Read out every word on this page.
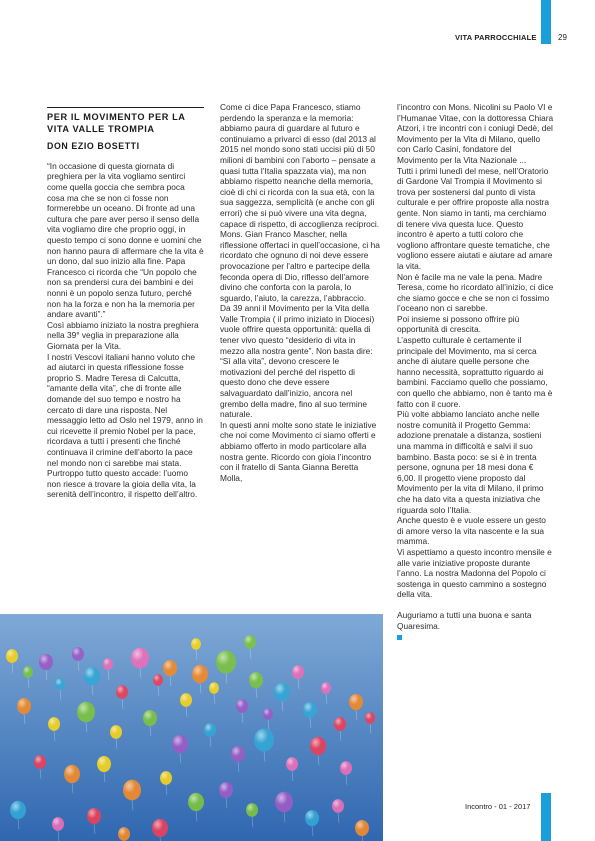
VITA PARROCCHIALE	29
PER IL MOVIMENTO PER LA VITA VALLE TROMPIA
DON EZIO BOSETTI

“In occasione di questa giornata di preghiera per la vita vogliamo sentirci come quella goccia che sembra poca cosa ma che se non ci fosse non formerebbe un oceano. Di fronte ad una cultura che pare aver perso il senso della vita vogliamo dire che proprio oggi, in questo tempo ci sono donne e uomini che non hanno paura di affermare che la vita è un dono, dal suo inizio alla fine. Papa Francesco ci ricorda che “Un popolo che non sa prendersi cura dei bambini e dei nonni è un popolo senza futuro, perché non ha la forza e non ha la memoria per andare avanti”.”

Così abbiamo iniziato la nostra preghiera nella 39° veglia in preparazione alla Giornata per la Vita.

I nostri Vescovi italiani hanno voluto che ad aiutarci in questa riflessione fosse proprio S. Madre Teresa di Calcutta, “amante della vita”, che di fronte alle domande del suo tempo e nostro ha cercato di dare una risposta. Nel messaggio letto ad Oslo nel 1979, anno in cui ricevette il premio Nobel per la pace, ricordava a tutti i presenti che finché continuava il crimine dell’aborto la pace nel mondo non ci sarebbe mai stata. Purtroppo tutto questo accade: l’uomo non riesce a trovare la gioia della vita, la serenità dell’incontro, il rispetto dell’altro.

Come ci dice Papa Francesco, stiamo perdendo la speranza e la memoria: abbiamo paura di guardare al futuro e continuiamo a privarci di esso (dal 2013 al 2015 nel mondo sono stati uccisi più di 50 milioni di bambini con l’aborto – pensate a quasi tutta l’Italia spazzata via), ma non abbiamo rispetto neanche della memoria, cioè di chi ci ricorda con la sua età, con la sua saggezza, semplicità (e anche con gli errori) che si può vivere una vita degna, capace di rispetto, di accoglienza reciproci.

Mons. Gian Franco Mascher, nella riflessione offertaci in quell’occasione, ci ha ricordato che ognuno di noi deve essere provocazione per l’altro e partecipe della feconda opera di Dio, riflesso dell’amore divino che conforta con la parola, lo sguardo, l’aiuto, la carezza, l’abbraccio.

Da 39 anni il Movimento per la Vita della Valle Trompia ( il primo iniziato in Diocesi) vuole offrire questa opportunità: quella di tener vivo questo “desiderio di vita in mezzo alla nostra gente”. Non basta dire: “Sì alla vita”, devono crescere le motivazioni del perché del rispetto di questo dono che deve essere salvaguardato dall’inizio, ancora nel grembo della madre, fino al suo termine naturale.

In questi anni molte sono state le iniziative che noi come Movimento ci siamo offerti e abbiamo offerto in modo particolare alla nostra gente. Ricordo con gioia l’incontro con il fratello di Santa Gianna Beretta Molla,

l’incontro con Mons. Nicolini su Paolo VI e l’Humanae Vitae, con la dottoressa Chiara Atzori, i tre incontri con i coniugi Dedè, del Movimento per la Vita di Milano, quello con Carlo Casini, fondatore del Movimento per la Vita Nazionale ...

Tutti i primi lunedì del mese, nell’Oratorio di Gardone Val Trompia il Movimento si trova per sostenersi dal punto di vista culturale e per offrire proposte alla nostra gente. Non siamo in tanti, ma cerchiamo di tenere viva questa luce. Questo incontro è aperto a tutti coloro che vogliono affrontare queste tematiche, che vogliono essere aiutati e aiutare ad amare la vita.

Non è facile ma ne vale la pena. Madre Teresa, come ho ricordato all’inizio, ci dice che siamo gocce e che se non ci fossimo l’oceano non ci sarebbe.

Poi insieme si possono offrire più opportunità di crescita.

L’aspetto culturale è certamente il principale del Movimento, ma si cerca anche di aiutare quelle persone che hanno necessità, soprattutto riguardo ai bambini. Facciamo quello che possiamo, con quello che abbiamo, non è tanto ma è fatto con il cuore.

Più volte abbiamo lanciato anche nelle nostre comunità il Progetto Gemma: adozione prenatale a distanza, sostieni una mamma in difficoltà e salvi il suo bambino. Basta poco: se si è in trenta persone, ognuna per 18 mesi dona € 6,00. Il progetto viene proposto dal Movimento per la vita di Milano, il primo che ha dato vita a questa iniziativa che riguarda solo l’Italia.

Anche questo è e vuole essere un gesto di amore verso la vita nascente e la sua mamma.

Vi aspettiamo a questo incontro mensile e alle varie iniziative proposte durante l’anno. La nostra Madonna del Popolo ci sostenga in questo cammino a sostegno della vita.

Auguriamo a tutti una buona e santa Quaresima.

Incontro - 01 - 2017
